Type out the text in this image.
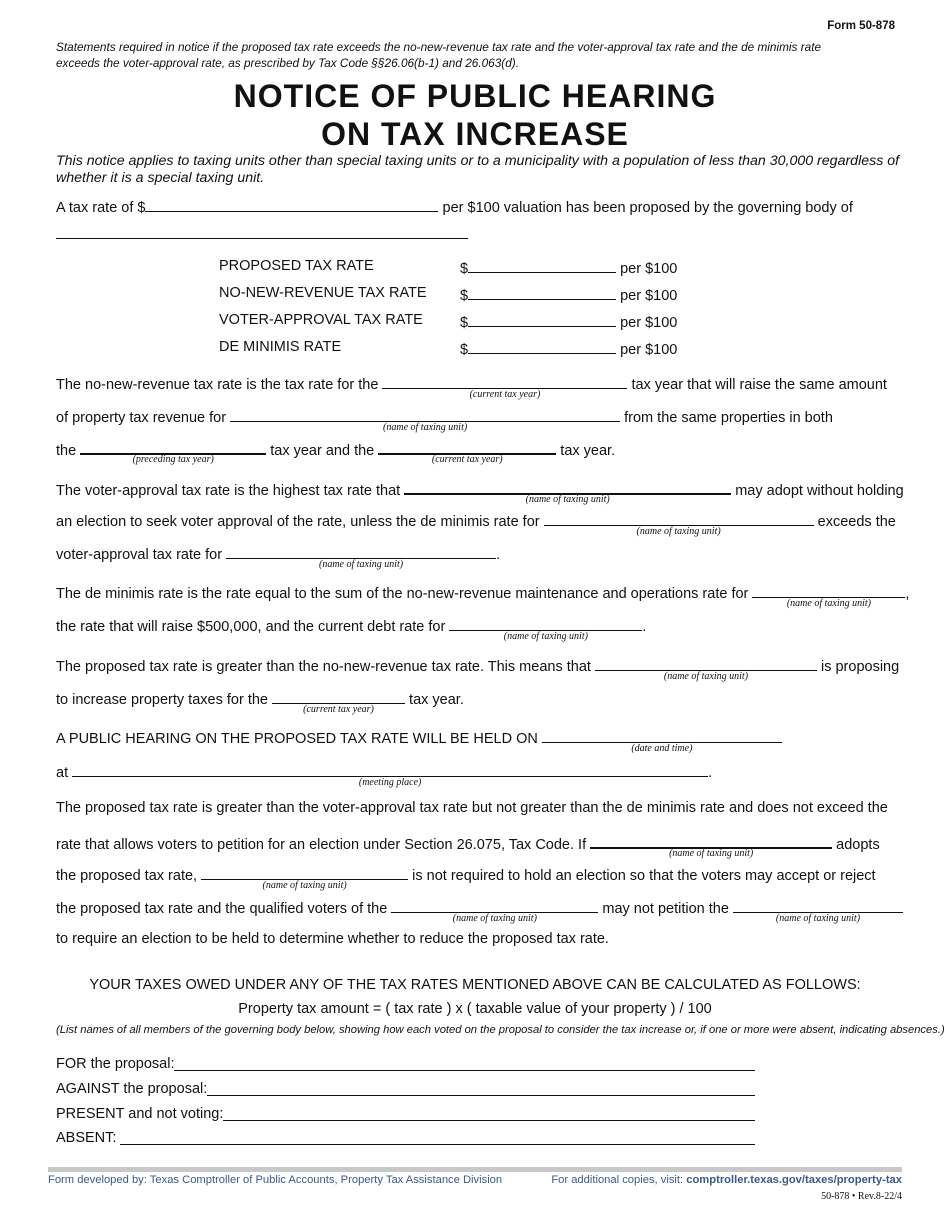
Form 50-878
Statements required in notice if the proposed tax rate exceeds the no-new-revenue tax rate and the voter-approval tax rate and the de minimis rate exceeds the voter-approval rate, as prescribed by Tax Code §§26.06(b-1) and 26.063(d).
NOTICE OF PUBLIC HEARING
ON TAX INCREASE
This notice applies to taxing units other than special taxing units or to a municipality with a population of less than 30,000 regardless of whether it is a special taxing unit.
A tax rate of $	per $100 valuation has been proposed by the governing body of
PROPOSED TAX RATE	$	per $100
NO-NEW-REVENUE TAX RATE $	per $100
VOTER-APPROVAL TAX RATE	$	per $100
DE MINIMIS RATE	$	per $100
The no-new-revenue tax rate is the tax rate for the
(current tax year)
tax year that will raise the same amount
of property tax revenue for
(name of taxing unit)
from the same properties in both
the
(preceding tax year)
tax year and the
(current tax year)
tax year.
The voter-approval tax rate is the highest tax rate that
(name of taxing unit)
may adopt without holding
an election to seek voter approval of the rate, unless the de minimis rate for
(name of taxing unit)
exceeds the
voter-approval tax rate for
(name of taxing unit)
.
The de minimis rate is the rate equal to the sum of the no-new-revenue maintenance and operations rate for
(name of taxing unit)
,
the rate that will raise $500,000, and the current debt rate for
(name of taxing unit)
.
The proposed tax rate is greater than the no-new-revenue tax rate. This means that
(name of taxing unit)
is proposing
to increase property taxes for the
(current tax year)
tax year.
A PUBLIC HEARING ON THE PROPOSED TAX RATE WILL BE HELD ON
(date and time)
at
(meeting place)
.
The proposed tax rate is greater than the voter-approval tax rate but not greater than the de minimis rate and does not exceed the
rate that allows voters to petition for an election under Section 26.075, Tax Code. If
(name of taxing unit)
adopts
the proposed tax rate,
(name of taxing unit)
is not required to hold an election so that the voters may accept or reject
the proposed tax rate and the qualified voters of the
(name of taxing unit)
may not petition the
(name of taxing unit)
to require an election to be held to determine whether to reduce the proposed tax rate.
YOUR TAXES OWED UNDER ANY OF THE TAX RATES MENTIONED ABOVE CAN BE CALCULATED AS FOLLOWS:
Property tax amount = ( tax rate ) x ( taxable value of your property ) / 100
(List names of all members of the governing body below, showing how each voted on the proposal to consider the tax increase or, if one or more were absent, indicating absences.)
FOR the proposal:
AGAINST the proposal:
PRESENT and not voting:
ABSENT:
Form developed by: Texas Comptroller of Public Accounts, Property Tax Assistance Division	For additional copies, visit: comptroller.texas.gov/taxes/property-tax
50-878 • Rev.8-22/4
